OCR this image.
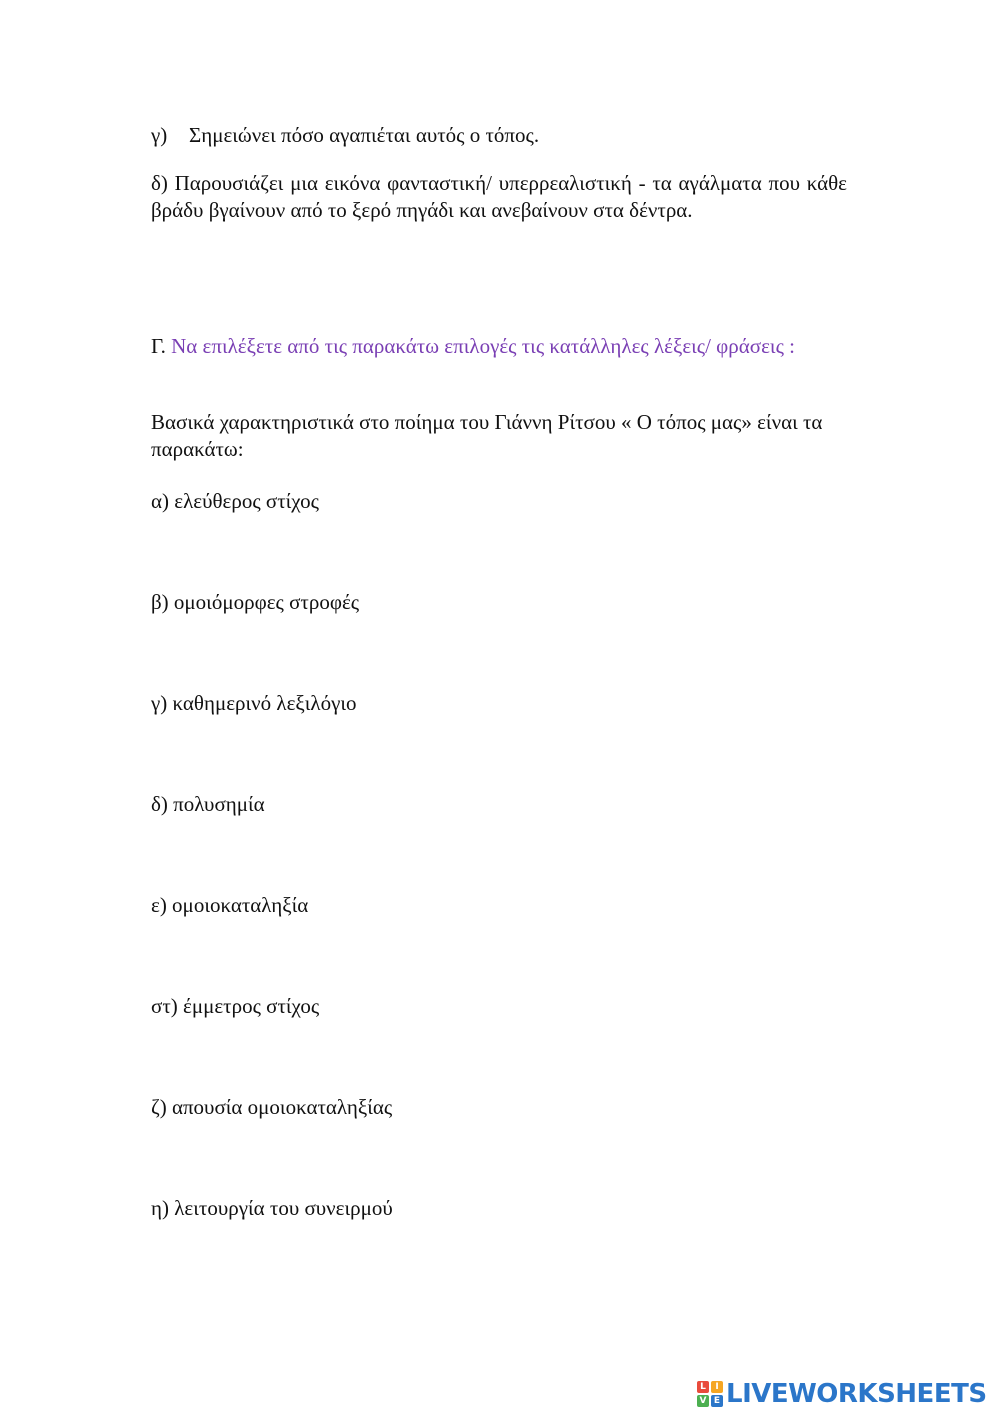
γ) Σημειώνει πόσο αγαπιέται αυτός ο τόπος.
δ) Παρουσιάζει μια εικόνα φανταστική/ υπερρεαλιστική - τα αγάλματα που κάθε βράδυ βγαίνουν από το ξερό πηγάδι και ανεβαίνουν στα δέντρα.
Γ. Να επιλέξετε από τις παρακάτω επιλογές τις κατάλληλες λέξεις/ φράσεις :
Βασικά χαρακτηριστικά στο ποίημα του Γιάννη Ρίτσου « Ο τόπος μας» είναι τα παρακάτω:
α) ελεύθερος στίχος
β) ομοιόμορφες στροφές
γ) καθημερινό λεξιλόγιο
δ) πολυσημία
ε) ομοιοκαταληξία
στ) έμμετρος στίχος
ζ) απουσία ομοιοκαταληξίας
η) λειτουργία του συνειρμού
L	I
V E LIVEWORKSHEETS
